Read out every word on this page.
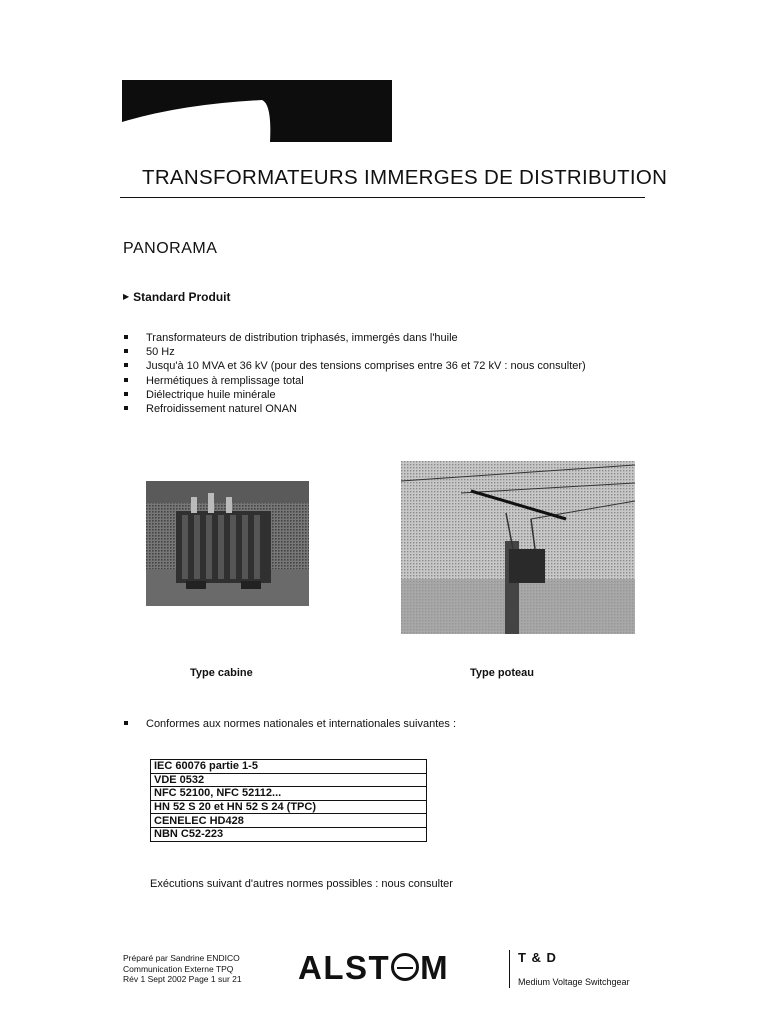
TRANSFORMATEURS IMMERGES DE DISTRIBUTION
PANORAMA
▶ Standard Produit
Transformateurs de distribution triphasés, immergés dans l'huile
50 Hz
Jusqu'à 10 MVA et 36 kV (pour des tensions comprises entre 36 et 72 kV : nous consulter)
Hermétiques à remplissage total
Diélectrique huile minérale
Refroidissement naturel ONAN
Type cabine	Type poteau
Conformes aux normes nationales et internationales suivantes :
IEC 60076 partie 1-5
VDE 0532
NFC 52100, NFC 52112...
HN 52 S 20 et HN 52 S 24 (TPC)
CENELEC HD428
NBN C52-223
Exécutions suivant d'autres normes possibles : nous consulter
Préparé par Sandrine ENDICO
Communication Externe TPQ
Rév 1 Sept 2002 Page 1 sur 21 ALST M	T & D
Medium Voltage Switchgear
